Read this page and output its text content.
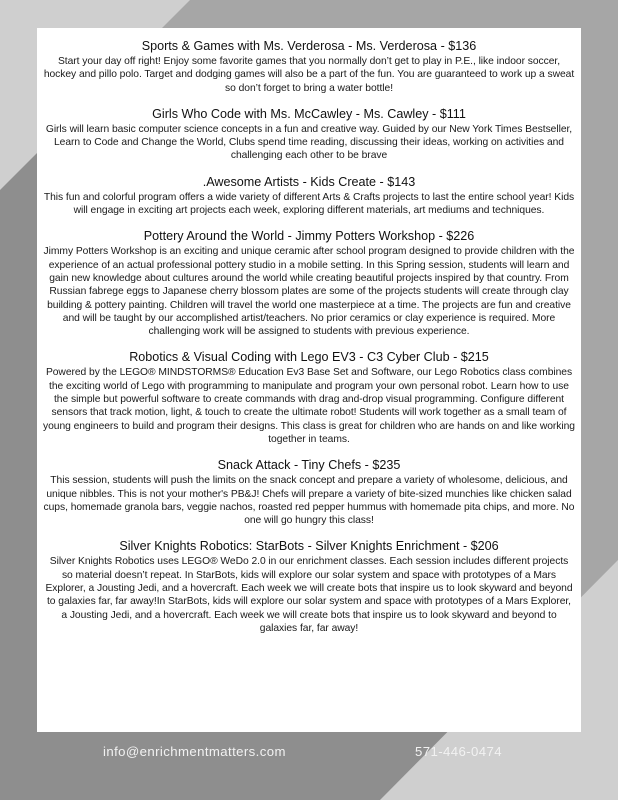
Sports & Games with Ms. Verderosa - Ms. Verderosa - $136

Start your day off right! Enjoy some favorite games that you normally don’t get to play in P.E., like indoor soccer, hockey and pillo polo. Target and dodging games will also be a part of the fun. You are guaranteed to work up a sweat so don’t forget to bring a water bottle!

Girls Who Code with Ms. McCawley - Ms. Cawley - $111

Girls will learn basic computer science concepts in a fun and creative way. Guided by our New York Times Bestseller, Learn to Code and Change the World, Clubs spend time reading, discussing their ideas, working on activities and challenging each other to be brave

.Awesome Artists - Kids Create - $143

This fun and colorful program offers a wide variety of different Arts & Crafts projects to last the entire school year! Kids will engage in exciting art projects each week, exploring different materials, art mediums and techniques.

Pottery Around the World - Jimmy Potters Workshop - $226

Jimmy Potters Workshop is an exciting and unique ceramic after school program designed to provide children with the experience of an actual professional pottery studio in a mobile setting. In this Spring session, students will learn and gain new knowledge about cultures around the world while creating beautiful projects inspired by that country. From Russian fabrege eggs to Japanese cherry blossom plates are some of the projects students will create through clay building & pottery painting. Children will travel the world one masterpiece at a time. The projects are fun and creative and will be taught by our accomplished artist/teachers. No prior ceramics or clay experience is required. More challenging work will be assigned to students with previous experience.

Robotics & Visual Coding with Lego EV3 - C3 Cyber Club - $215

Powered by the LEGO® MINDSTORMS® Education Ev3 Base Set and Software, our Lego Robotics class combines the exciting world of Lego with programming to manipulate and program your own personal robot. Learn how to use the simple but powerful software to create commands with drag and-drop visual programming. Configure different sensors that track motion, light, & touch to create the ultimate robot! Students will work together as a small team of young engineers to build and program their designs. This class is great for children who are hands on and like working together in teams.

Snack Attack - Tiny Chefs - $235

This session, students will push the limits on the snack concept and prepare a variety of wholesome, delicious, and unique nibbles. This is not your mother's PB&J! Chefs will prepare a variety of bite-sized munchies like chicken salad cups, homemade granola bars, veggie nachos, roasted red pepper hummus with homemade pita chips, and more. No one will go hungry this class!

Silver Knights Robotics: StarBots - Silver Knights Enrichment - $206

Silver Knights Robotics uses LEGO® WeDo 2.0 in our enrichment classes. Each session includes different projects so material doesn’t repeat. In StarBots, kids will explore our solar system and space with prototypes of a Mars Explorer, a Jousting Jedi, and a hovercraft. Each week we will create bots that inspire us to look skyward and beyond to galaxies far, far away!In StarBots, kids will explore our solar system and space with prototypes of a Mars Explorer, a Jousting Jedi, and a hovercraft. Each week we will create bots that inspire us to look skyward and beyond to galaxies far, far away!

info@enrichmentmatters.com	571-446-0474
